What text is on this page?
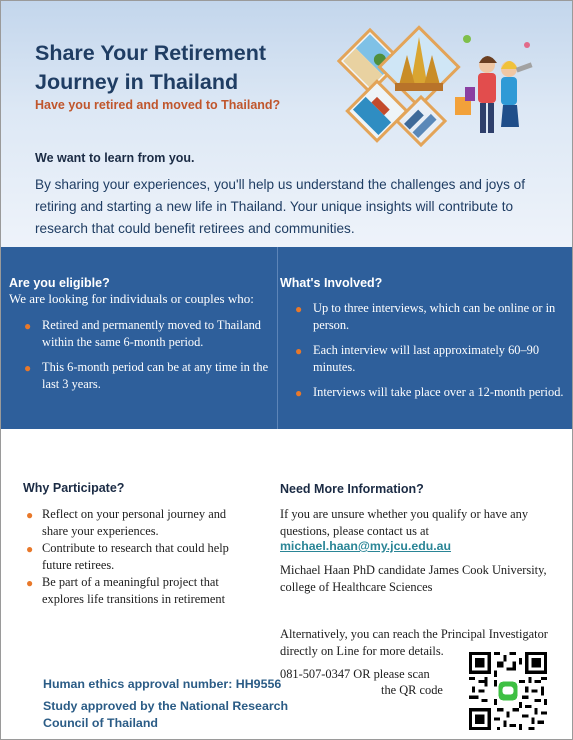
Share Your Retirement
Journey in Thailand

Have you retired and moved to Thailand?

We want to learn from you.

By sharing your experiences, you'll help us understand the challenges and joys of retiring and starting a new life in Thailand. Your unique insights will contribute to research that could benefit retirees and communities.

Are you eligible?

We are looking for individuals or couples who:

● Retired and permanently moved to Thailand within the same 6-month period.
● This 6-month period can be at any time in the last 3 years.
What's Involved?
● Up to three interviews, which can be online or in person.
● Each interview will last approximately 60–90 minutes.
● Interviews will take place over a 12-month period.
Why Participate?
● Reflect on your personal journey and share your experiences.
● Contribute to research that could help future retirees.
● Be part of a meaningful project that explores life transitions in retirement
Need More Information?

If you are unsure whether you qualify or have any questions, please contact us at

michael.haan@my.jcu.edu.au

Michael Haan PhD candidate James Cook University, college of Healthcare Sciences

Alternatively, you can reach the Principal Investigator directly on Line for more details.

081-507-0347 OR please scan

the QR code

Human ethics approval number: HH9556

Study approved by the National Research
Council of Thailand
